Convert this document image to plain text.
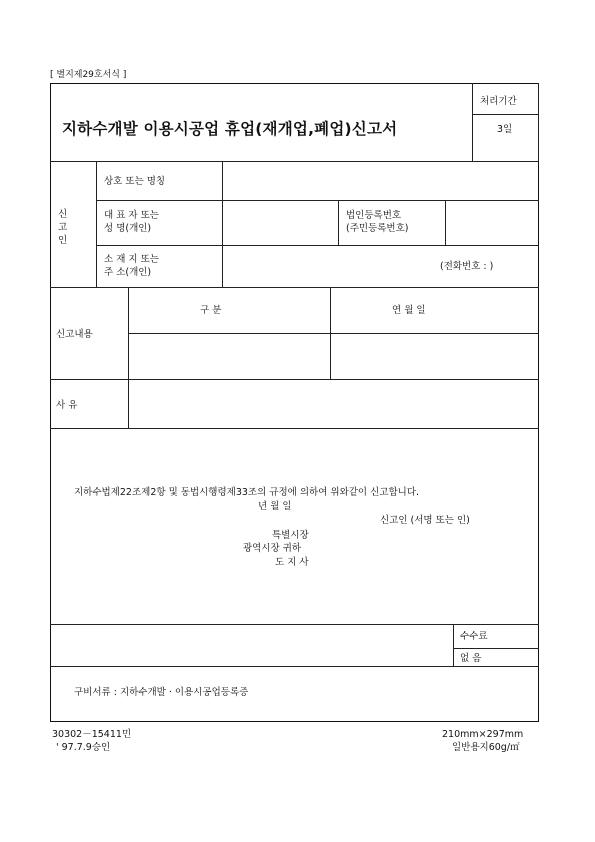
[ 별지제29호서식 ]
지하수개발 이용시공업 휴업(재개업,폐업)신고서
처리기간
3일
신
고
인
상호 또는 명칭
대 표 자 또는
성 명(개인)
법인등록번호
(주민등록번호)
소 재 지 또는
주 소(개인)
(전화번호 : )
신고내용
구 분	연 월 일
사 유
지하수법제22조제2항 및 동법시행령제33조의 규정에 의하여 위와같이 신고합니다.
년 월 일
신고인 (서명 또는 인)
특별시장
광역시장 귀하
도 지 사
수수료
없 음
구비서류 : 지하수개발 · 이용시공업등록증
30302－15411민
' 97.7.9승인
210mm×297mm
일반용지60g/㎡
